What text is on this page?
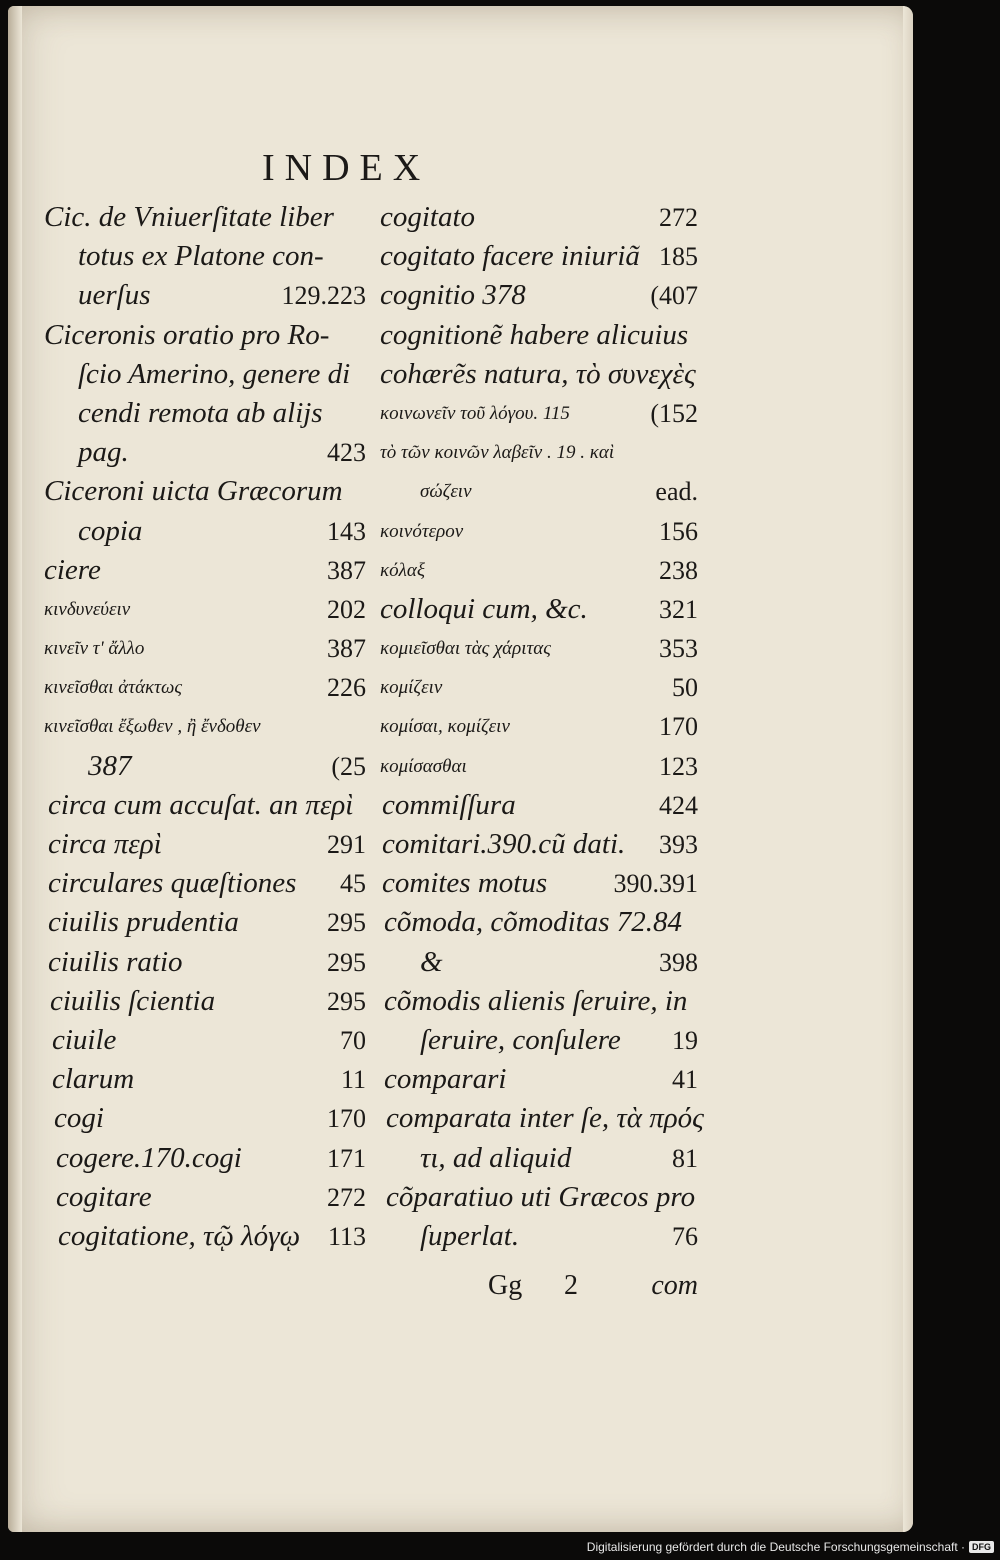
INDEX
Cic. de Vniuerſitate liber
totus ex Platone con-
uerſus	129.223
Ciceronis oratio pro Ro-
ſcio Amerino, genere di
cendi remota ab alijs
pag.	423
Ciceroni uicta Græcorum
copia	143
ciere	387
κινδυνεύειν	202
κινεῖν τ' ἄλλο	387
κινεῖσθαι ἀτάκτως	226
κινεῖσθαι ἔξωθεν , ἢ ἔνδοθεν
387	(25
circa cum accuſat. an περὶ
circa περὶ	291
circulares quæſtiones 45
ciuilis prudentia	295
ciuilis ratio	295
ciuilis ſcientia	295
ciuile	70
clarum	11
cogi	170
cogere.170.cogi	171
cogitare	272
cogitatione, τῷ λόγῳ 113
cogitato	272
cogitato facere iniuriã 185
cognitio 378	(407
cognitionẽ habere alicuius
cohærẽs natura, τὸ συνεχὲς
κοινωνεῖν τοῦ λόγου. 115	(152
τὸ τῶν κοινῶν λαβεῖν . 19 . καὶ
σώζειν	ead.
κοινότερον	156
κόλαξ	238
colloqui cum, &c.	321
κομιεῖσθαι τὰς χάριτας	353
κομίζειν	50
κομίσαι, κομίζειν	170
κομίσασθαι	123
commiſſura	424
comitari.390.cũ dati. 393
comites motus	390.391
cõmoda, cõmoditas 72.84
&	398
cõmodis alienis ſeruire, in
ſeruire, conſulere 19
comparari	41
comparata inter ſe, τὰ πρός
τι, ad aliquid	81
cõparatiuo uti Græcos pro
ſuperlat.	76
Gg 2	com
Digitalisierung gefördert durch die Deutsche Forschungsgemeinschaft · DFG
